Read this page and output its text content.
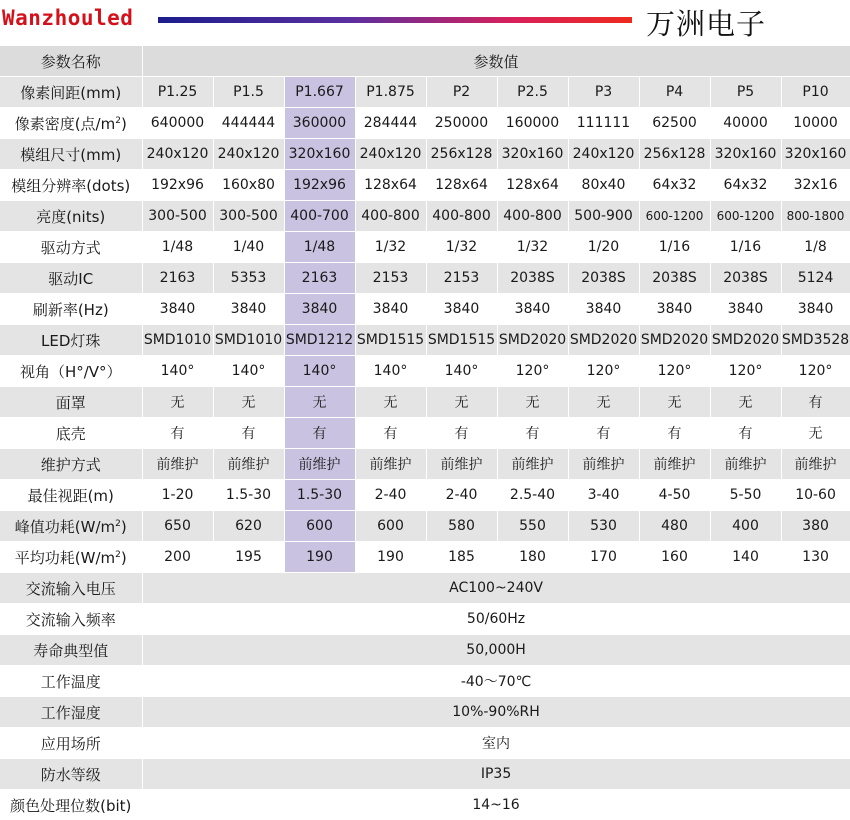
Wanzhouled	万洲电子
参数名称	参数值									
像素间距(mm)	P1.25	P1.5	P1.667	P1.875	P2	P2.5	P3	P4	P5	P10
像素密度(点$/m^2$)	640000	444444	360000	284444	250000	160000	111111	62500	40000	10000
模组尺寸(mm)	240x120	240x120	320x160	240x120	256x128	320x160	240x120	256x128	320x160	320x160
模组分辨率(dots)	192x96	160x80	192x96	128x64	128x64	128x64	80x40	64x32	64x32	32x16
亮度(nits)	300-500	300-500	400-700	400-800	400-800	400-800	500-900	600-1200	600-1200	800-1800
驱动方式	1/48	1/40	1/48	1/32	1/32	1/32	1/20	1/16	1/16	1/8
驱动IC	2163	5353	2163	2153	2153	2038S	2038S	2038S	2038S	5124
刷新率(Hz)	3840	3840	3840	3840	3840	3840	3840	3840	3840	3840
LED灯珠	SMD1010	SMD1010	SMD1212	SMD1515	SMD1515	SMD2020	SMD2020	SMD2020	SMD2020	SMD3528
视角（H°/V°）	140°	140°	140°	140°	140°	120°	120°	120°	120°	120°
面罩	无	无	无	无	无	无	无	无	无	有
底壳	有	有	有	有	有	有	有	有	有	无
维护方式	前维护	前维护	前维护	前维护	前维护	前维护	前维护	前维护	前维护	前维护
最佳视距(m)	1-20	1.5-30	1.5-30	2-40	2-40	2.5-40	3-40	4-50	5-50	10-60
峰值功耗$(W/m^2)$	650	620	600	600	580	550	530	480	400	380
平均功耗$(W/m^2)$	200	195	190	190	185	180	170	160	140	130
交流输入电压	AC100~240V									
交流输入频率	50/60Hz									
寿命典型值	50,000H									
工作温度	-40～70℃									
工作湿度	10%-90%RH									
应用场所	室内									
防水等级	IP35									
颜色处理位数(bit)	14~16									
